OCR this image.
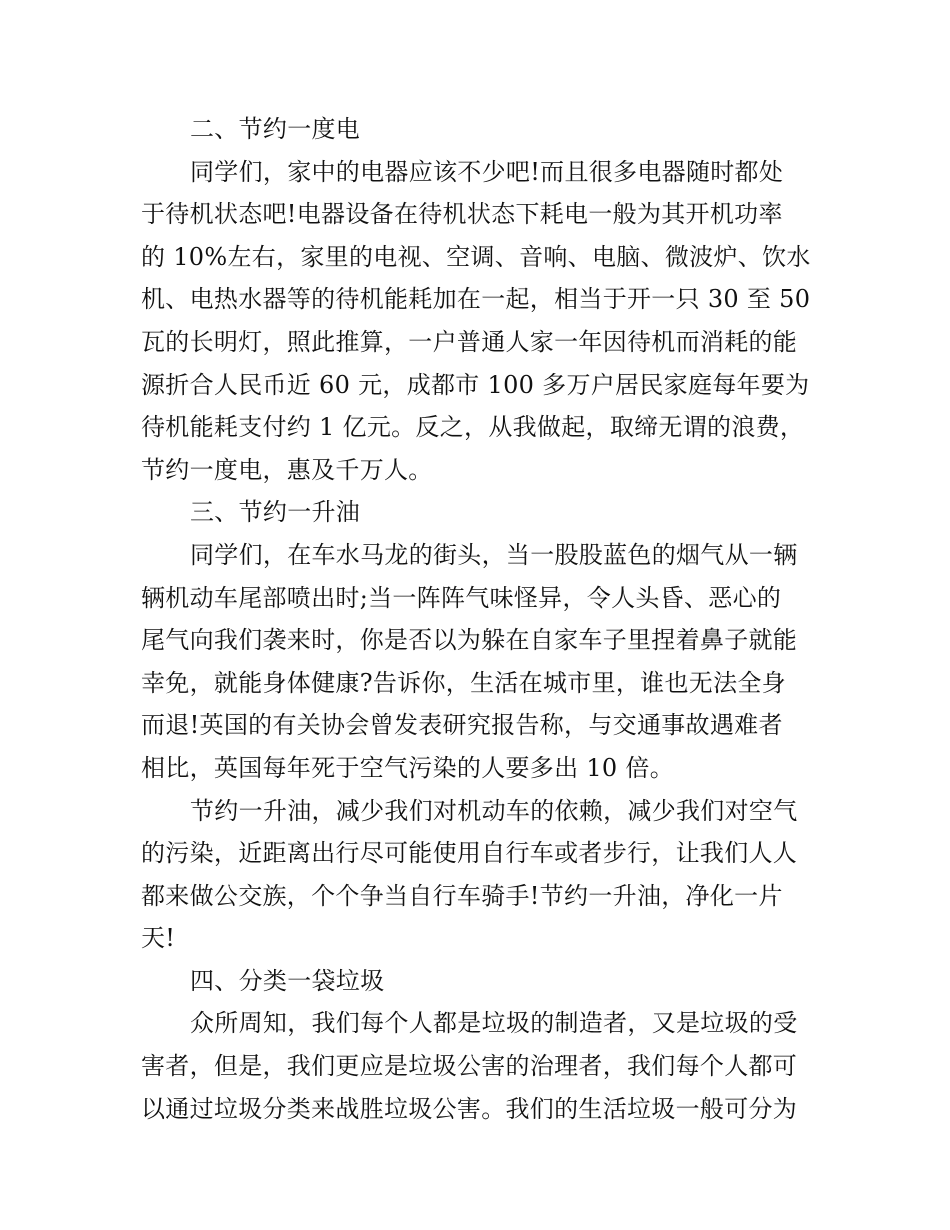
二、节约一度电
同学们，家中的电器应该不少吧!而且很多电器随时都处
于待机状态吧!电器设备在待机状态下耗电一般为其开机功率
的 10%左右，家里的电视、空调、音响、电脑、微波炉、饮水
机、电热水器等的待机能耗加在一起，相当于开一只 30 至 50
瓦的长明灯，照此推算，一户普通人家一年因待机而消耗的能
源折合人民币近 60 元，成都市 100 多万户居民家庭每年要为
待机能耗支付约 1 亿元。反之，从我做起，取缔无谓的浪费，
节约一度电，惠及千万人。
三、节约一升油
同学们，在车水马龙的街头，当一股股蓝色的烟气从一辆
辆机动车尾部喷出时;当一阵阵气味怪异，令人头昏、恶心的
尾气向我们袭来时，你是否以为躲在自家车子里捏着鼻子就能
幸免，就能身体健康?告诉你，生活在城市里，谁也无法全身
而退!英国的有关协会曾发表研究报告称，与交通事故遇难者
相比，英国每年死于空气污染的人要多出 10 倍。
节约一升油，减少我们对机动车的依赖，减少我们对空气
的污染，近距离出行尽可能使用自行车或者步行，让我们人人
都来做公交族，个个争当自行车骑手!节约一升油，净化一片
天!
四、分类一袋垃圾
众所周知，我们每个人都是垃圾的制造者，又是垃圾的受
害者，但是，我们更应是垃圾公害的治理者，我们每个人都可
以通过垃圾分类来战胜垃圾公害。我们的生活垃圾一般可分为
